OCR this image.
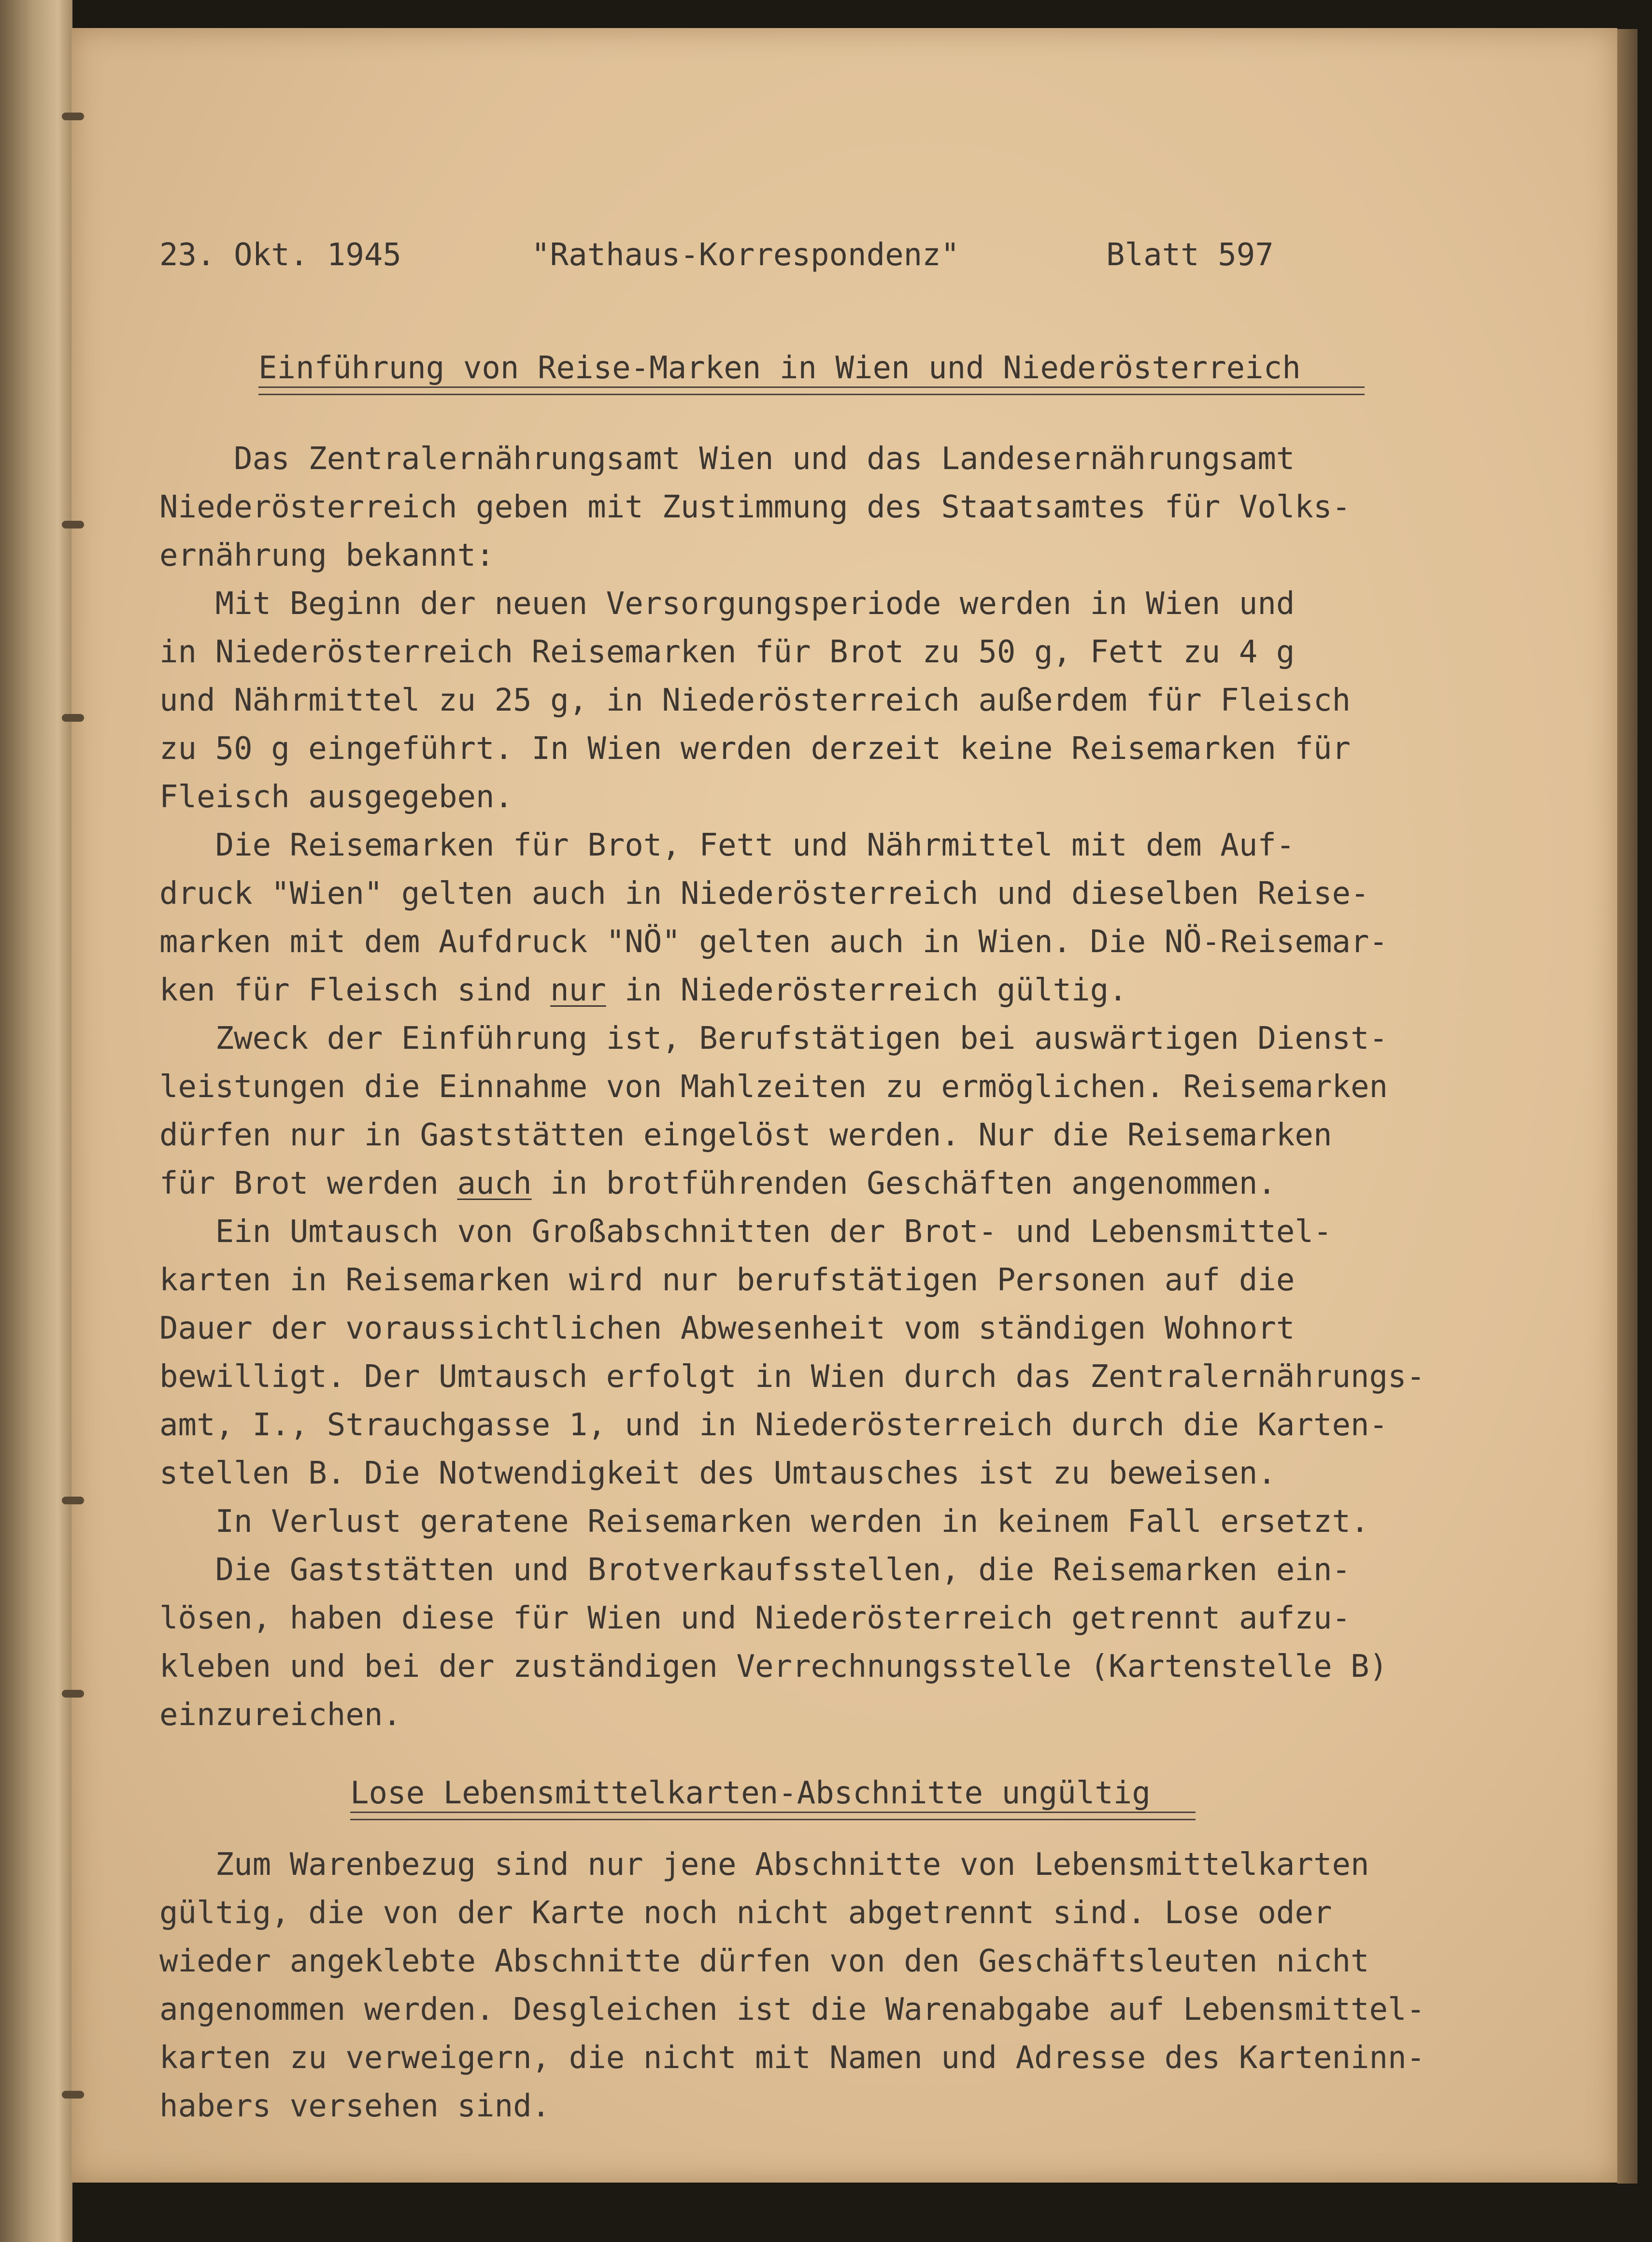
23. Okt. 1945	"Rathaus-Korrespondenz"	Blatt 597
Einführung von Reise-Marken in Wien und Niederösterreich
Das Zentralernährungsamt Wien und das Landesernährungsamt
Niederösterreich geben mit Zustimmung des Staatsamtes für Volks-
ernährung bekannt:
Mit Beginn der neuen Versorgungsperiode werden in Wien und
in Niederösterreich Reisemarken für Brot zu 50 g, Fett zu 4 g
und Nährmittel zu 25 g, in Niederösterreich außerdem für Fleisch
zu 50 g eingeführt. In Wien werden derzeit keine Reisemarken für
Fleisch ausgegeben.
Die Reisemarken für Brot, Fett und Nährmittel mit dem Auf-
druck "Wien" gelten auch in Niederösterreich und dieselben Reise-
marken mit dem Aufdruck "NÖ" gelten auch in Wien. Die NÖ-Reisemar-
ken für Fleisch sind nur in Niederösterreich gültig.
Zweck der Einführung ist, Berufstätigen bei auswärtigen Dienst-
leistungen die Einnahme von Mahlzeiten zu ermöglichen. Reisemarken
dürfen nur in Gaststätten eingelöst werden. Nur die Reisemarken
für Brot werden auch in brotführenden Geschäften angenommen.
Ein Umtausch von Großabschnitten der Brot- und Lebensmittel-
karten in Reisemarken wird nur berufstätigen Personen auf die
Dauer der voraussichtlichen Abwesenheit vom ständigen Wohnort
bewilligt. Der Umtausch erfolgt in Wien durch das Zentralernährungs-
amt, I., Strauchgasse 1, und in Niederösterreich durch die Karten-
stellen B. Die Notwendigkeit des Umtausches ist zu beweisen.
In Verlust geratene Reisemarken werden in keinem Fall ersetzt.
Die Gaststätten und Brotverkaufsstellen, die Reisemarken ein-
lösen, haben diese für Wien und Niederösterreich getrennt aufzu-
kleben und bei der zuständigen Verrechnungsstelle (Kartenstelle B)
einzureichen.
Lose Lebensmittelkarten-Abschnitte ungültig
Zum Warenbezug sind nur jene Abschnitte von Lebensmittelkarten
gültig, die von der Karte noch nicht abgetrennt sind. Lose oder
wieder angeklebte Abschnitte dürfen von den Geschäftsleuten nicht
angenommen werden. Desgleichen ist die Warenabgabe auf Lebensmittel-
karten zu verweigern, die nicht mit Namen und Adresse des Karteninn-
habers versehen sind.
